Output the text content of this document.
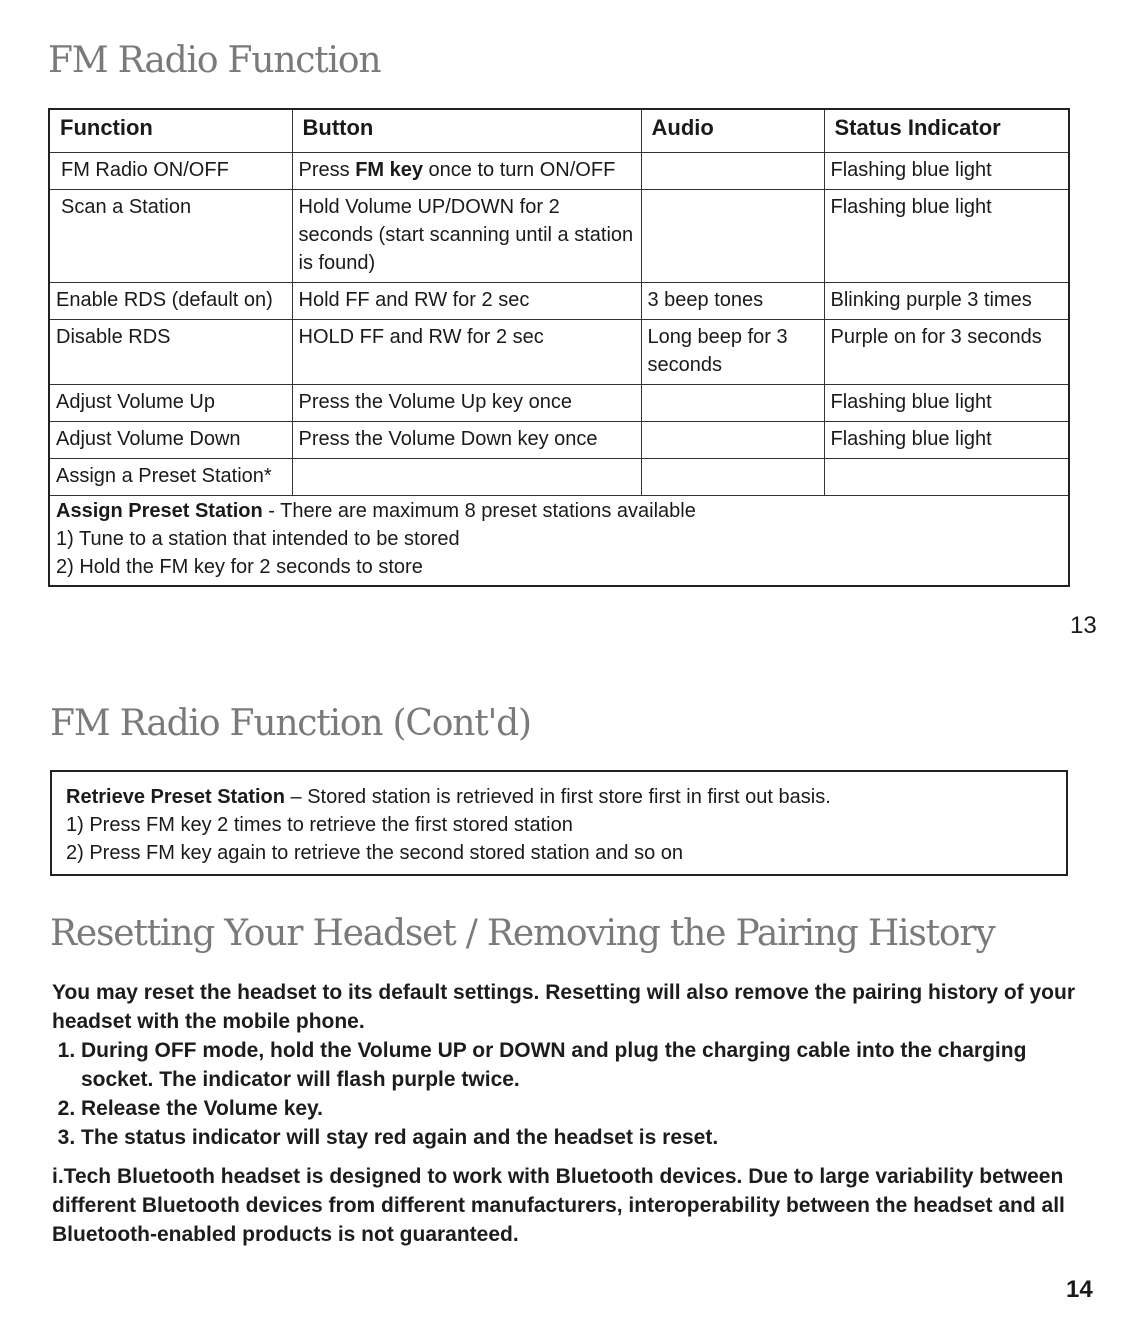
FM Radio Function
Function	Button	Audio	Status Indicator
FM Radio ON/OFF	Press FM key once to turn ON/OFF		Flashing blue light
Scan a Station	Hold Volume UP/DOWN for 2 seconds (start scanning until a station is found)		Flashing blue light
Enable RDS (default on)	Hold FF and RW for 2 sec	3 beep tones	Blinking purple 3 times
Disable RDS	HOLD FF and RW for 2 sec	Long beep for 3 seconds	Purple on for 3 seconds
Adjust Volume Up	Press the Volume Up key once		Flashing blue light
Adjust Volume Down	Press the Volume Down key once		Flashing blue light
Assign a Preset Station*			

Assign Preset Station - There are maximum 8 preset stations available
1) Tune to a station that intended to be stored
2) Hold the FM key for 2 seconds to store			
13
FM Radio Function (Cont'd)
Retrieve Preset Station – Stored station is retrieved in first store first in first out basis.
1) Press FM key 2 times to retrieve the first stored station
2) Press FM key again to retrieve the second stored station and so on
Resetting Your Headset / Removing the Pairing History
You may reset the headset to its default settings. Resetting will also remove the pairing history of your headset with the mobile phone.
1. During OFF mode, hold the Volume UP or DOWN and plug the charging cable into the charging socket. The indicator will flash purple twice.
2. Release the Volume key.
3. The status indicator will stay red again and the headset is reset.
i.Tech Bluetooth headset is designed to work with Bluetooth devices. Due to large variability between different Bluetooth devices from different manufacturers, interoperability between the headset and all Bluetooth-enabled products is not guaranteed.
14
